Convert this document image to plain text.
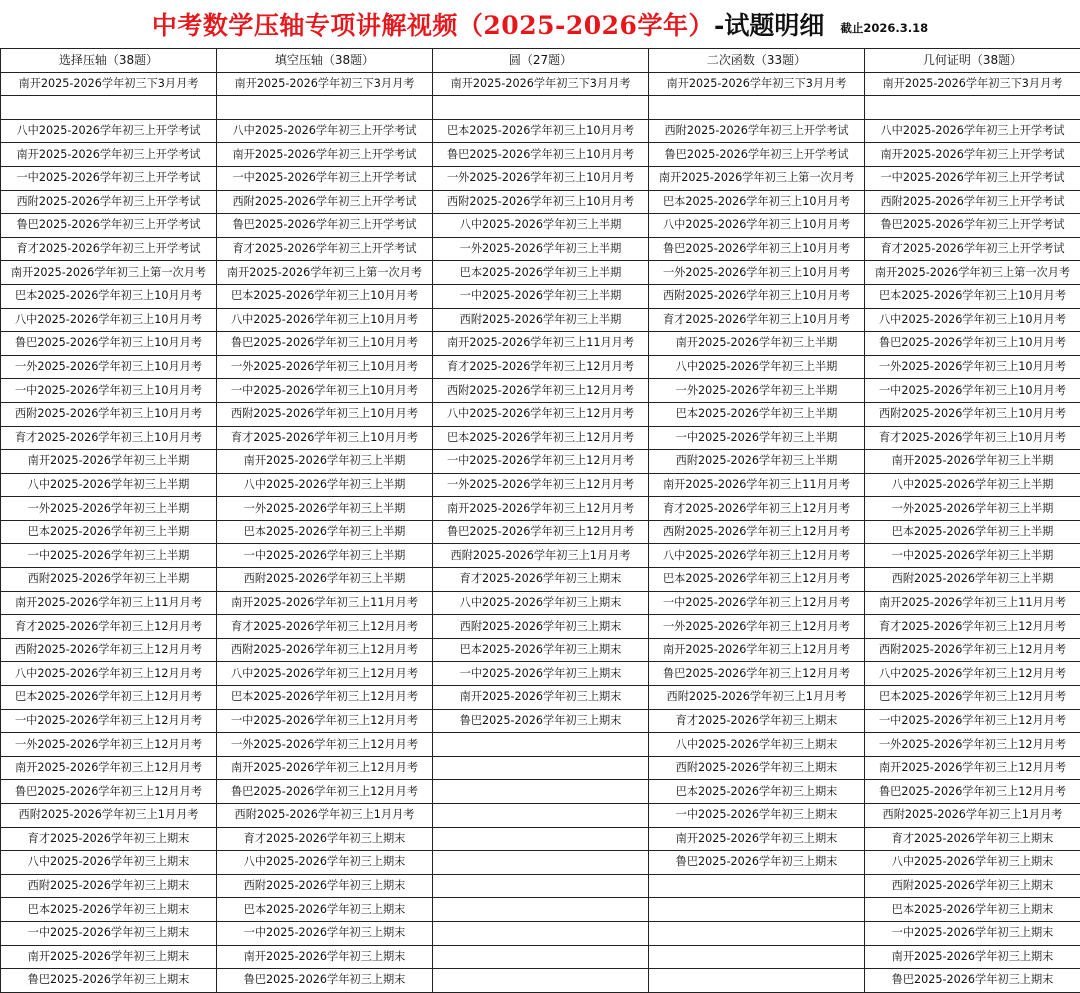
中考数学压轴专项讲解视频（2025-2026学年） -试题明细 截止2026.3.18
选择压轴（38题）	填空压轴（38题）	圆（27题）	二次函数（33题）	几何证明（38题）
南开2025-2026学年初三下3月月考	南开2025-2026学年初三下3月月考	南开2025-2026学年初三下3月月考	南开2025-2026学年初三下3月月考	南开2025-2026学年初三下3月月考

八中2025-2026学年初三上开学考试	八中2025-2026学年初三上开学考试	巴本2025-2026学年初三上10月月考	西附2025-2026学年初三上开学考试	八中2025-2026学年初三上开学考试
南开2025-2026学年初三上开学考试	南开2025-2026学年初三上开学考试	鲁巴2025-2026学年初三上10月月考	鲁巴2025-2026学年初三上开学考试	南开2025-2026学年初三上开学考试
一中2025-2026学年初三上开学考试	一中2025-2026学年初三上开学考试	一外2025-2026学年初三上10月月考	南开2025-2026学年初三上第一次月考	一中2025-2026学年初三上开学考试
西附2025-2026学年初三上开学考试	西附2025-2026学年初三上开学考试	西附2025-2026学年初三上10月月考	巴本2025-2026学年初三上10月月考	西附2025-2026学年初三上开学考试
鲁巴2025-2026学年初三上开学考试	鲁巴2025-2026学年初三上开学考试	八中2025-2026学年初三上半期	八中2025-2026学年初三上10月月考	鲁巴2025-2026学年初三上开学考试
育才2025-2026学年初三上开学考试	育才2025-2026学年初三上开学考试	一外2025-2026学年初三上半期	鲁巴2025-2026学年初三上10月月考	育才2025-2026学年初三上开学考试
南开2025-2026学年初三上第一次月考	南开2025-2026学年初三上第一次月考	巴本2025-2026学年初三上半期	一外2025-2026学年初三上10月月考	南开2025-2026学年初三上第一次月考
巴本2025-2026学年初三上10月月考	巴本2025-2026学年初三上10月月考	一中2025-2026学年初三上半期	西附2025-2026学年初三上10月月考	巴本2025-2026学年初三上10月月考
八中2025-2026学年初三上10月月考	八中2025-2026学年初三上10月月考	西附2025-2026学年初三上半期	育才2025-2026学年初三上10月月考	八中2025-2026学年初三上10月月考
鲁巴2025-2026学年初三上10月月考	鲁巴2025-2026学年初三上10月月考	南开2025-2026学年初三上11月月考	南开2025-2026学年初三上半期	鲁巴2025-2026学年初三上10月月考
一外2025-2026学年初三上10月月考	一外2025-2026学年初三上10月月考	育才2025-2026学年初三上12月月考	八中2025-2026学年初三上半期	一外2025-2026学年初三上10月月考
一中2025-2026学年初三上10月月考	一中2025-2026学年初三上10月月考	西附2025-2026学年初三上12月月考	一外2025-2026学年初三上半期	一中2025-2026学年初三上10月月考
西附2025-2026学年初三上10月月考	西附2025-2026学年初三上10月月考	八中2025-2026学年初三上12月月考	巴本2025-2026学年初三上半期	西附2025-2026学年初三上10月月考
育才2025-2026学年初三上10月月考	育才2025-2026学年初三上10月月考	巴本2025-2026学年初三上12月月考	一中2025-2026学年初三上半期	育才2025-2026学年初三上10月月考
南开2025-2026学年初三上半期	南开2025-2026学年初三上半期	一中2025-2026学年初三上12月月考	西附2025-2026学年初三上半期	南开2025-2026学年初三上半期
八中2025-2026学年初三上半期	八中2025-2026学年初三上半期	一外2025-2026学年初三上12月月考	南开2025-2026学年初三上11月月考	八中2025-2026学年初三上半期
一外2025-2026学年初三上半期	一外2025-2026学年初三上半期	南开2025-2026学年初三上12月月考	育才2025-2026学年初三上12月月考	一外2025-2026学年初三上半期
巴本2025-2026学年初三上半期	巴本2025-2026学年初三上半期	鲁巴2025-2026学年初三上12月月考	西附2025-2026学年初三上12月月考	巴本2025-2026学年初三上半期
一中2025-2026学年初三上半期	一中2025-2026学年初三上半期	西附2025-2026学年初三上1月月考	八中2025-2026学年初三上12月月考	一中2025-2026学年初三上半期
西附2025-2026学年初三上半期	西附2025-2026学年初三上半期	育才2025-2026学年初三上期末	巴本2025-2026学年初三上12月月考	西附2025-2026学年初三上半期
南开2025-2026学年初三上11月月考	南开2025-2026学年初三上11月月考	八中2025-2026学年初三上期末	一中2025-2026学年初三上12月月考	南开2025-2026学年初三上11月月考
育才2025-2026学年初三上12月月考	育才2025-2026学年初三上12月月考	西附2025-2026学年初三上期末	一外2025-2026学年初三上12月月考	育才2025-2026学年初三上12月月考
西附2025-2026学年初三上12月月考	西附2025-2026学年初三上12月月考	巴本2025-2026学年初三上期末	南开2025-2026学年初三上12月月考	西附2025-2026学年初三上12月月考
八中2025-2026学年初三上12月月考	八中2025-2026学年初三上12月月考	一中2025-2026学年初三上期末	鲁巴2025-2026学年初三上12月月考	八中2025-2026学年初三上12月月考
巴本2025-2026学年初三上12月月考	巴本2025-2026学年初三上12月月考	南开2025-2026学年初三上期末	西附2025-2026学年初三上1月月考	巴本2025-2026学年初三上12月月考
一中2025-2026学年初三上12月月考	一中2025-2026学年初三上12月月考	鲁巴2025-2026学年初三上期末	育才2025-2026学年初三上期末	一中2025-2026学年初三上12月月考
一外2025-2026学年初三上12月月考	一外2025-2026学年初三上12月月考		八中2025-2026学年初三上期末	一外2025-2026学年初三上12月月考
南开2025-2026学年初三上12月月考	南开2025-2026学年初三上12月月考		西附2025-2026学年初三上期末	南开2025-2026学年初三上12月月考
鲁巴2025-2026学年初三上12月月考	鲁巴2025-2026学年初三上12月月考		巴本2025-2026学年初三上期末	鲁巴2025-2026学年初三上12月月考
西附2025-2026学年初三上1月月考	西附2025-2026学年初三上1月月考		一中2025-2026学年初三上期末	西附2025-2026学年初三上1月月考
育才2025-2026学年初三上期末	育才2025-2026学年初三上期末		南开2025-2026学年初三上期末	育才2025-2026学年初三上期末
八中2025-2026学年初三上期末	八中2025-2026学年初三上期末		鲁巴2025-2026学年初三上期末	八中2025-2026学年初三上期末
西附2025-2026学年初三上期末	西附2025-2026学年初三上期末			西附2025-2026学年初三上期末
巴本2025-2026学年初三上期末	巴本2025-2026学年初三上期末			巴本2025-2026学年初三上期末
一中2025-2026学年初三上期末	一中2025-2026学年初三上期末			一中2025-2026学年初三上期末
南开2025-2026学年初三上期末	南开2025-2026学年初三上期末			南开2025-2026学年初三上期末
鲁巴2025-2026学年初三上期末	鲁巴2025-2026学年初三上期末			鲁巴2025-2026学年初三上期末
